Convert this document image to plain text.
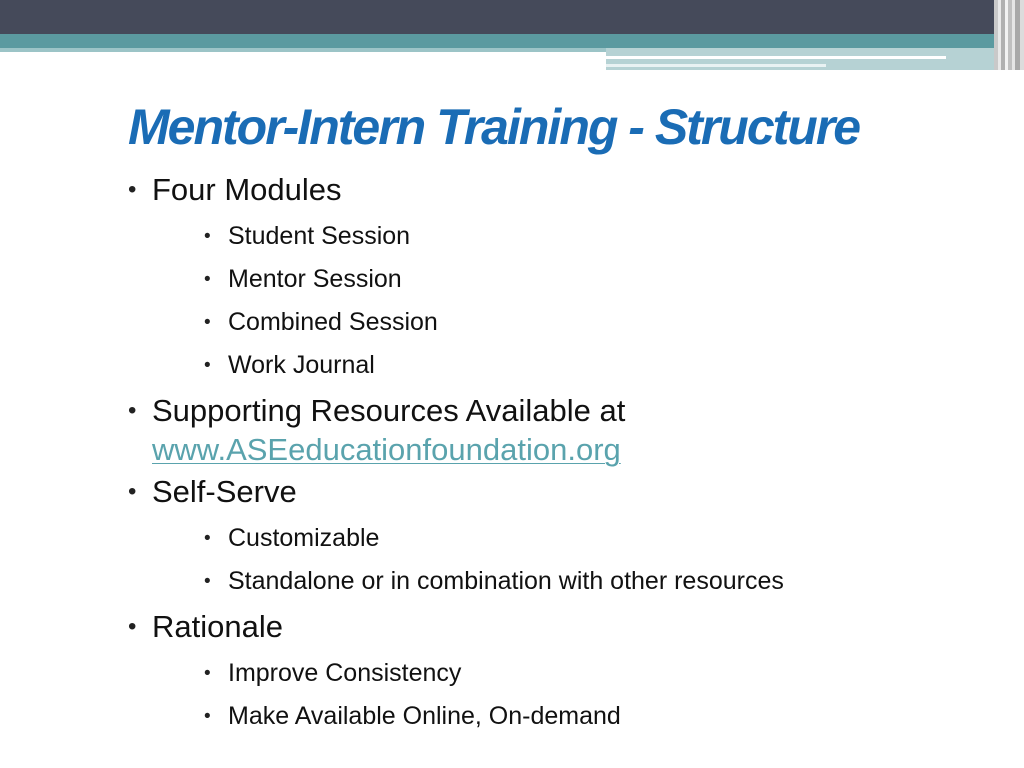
Mentor-Intern Training - Structure
• Four Modules
• Student Session
• Mentor Session
• Combined Session
• Work Journal
• Supporting Resources Available at
www.ASEeducationfoundation.org
• Self-Serve
• Customizable
• Standalone or in combination with other resources
• Rationale
• Improve Consistency
• Make Available Online, On-demand
